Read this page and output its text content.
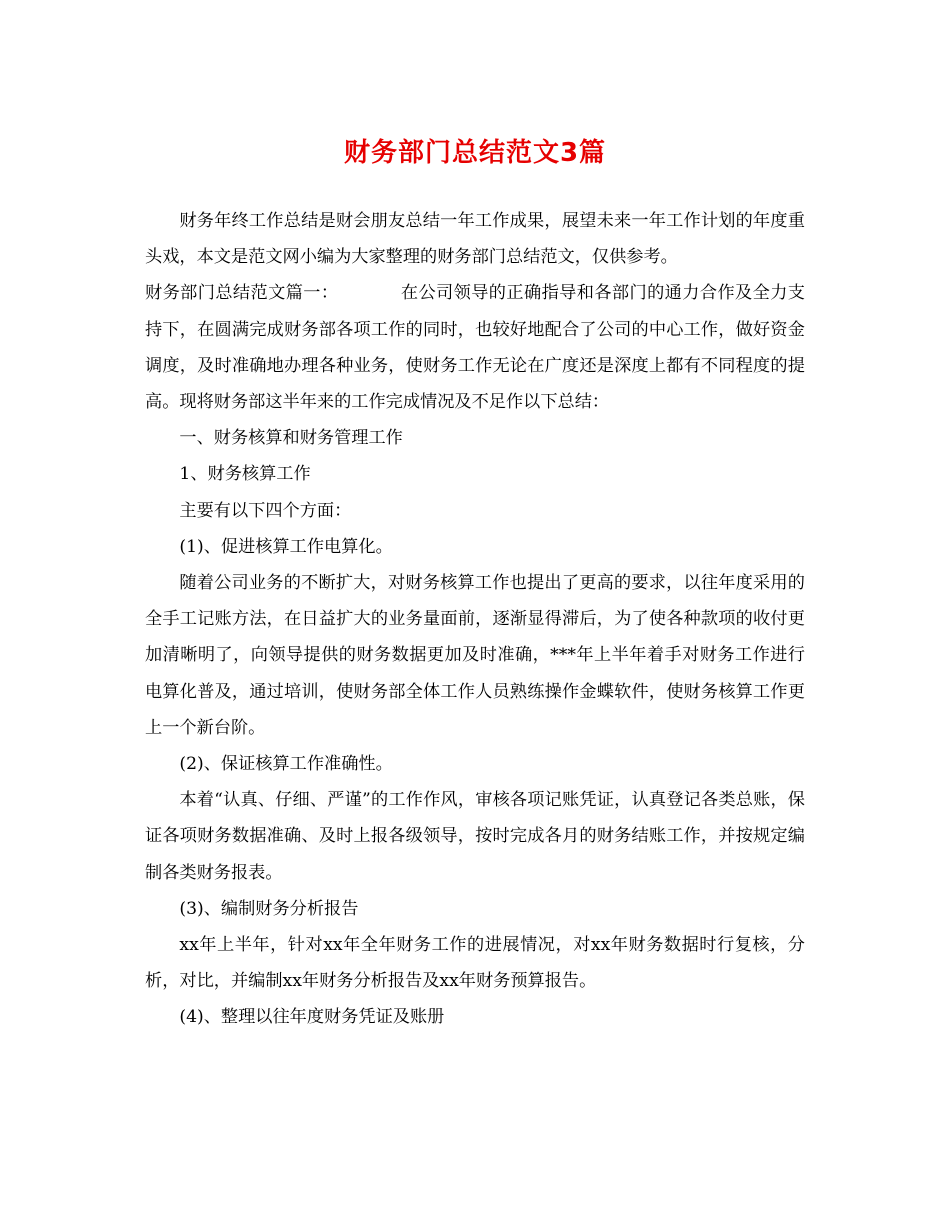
财务部门总结范文3篇

财务年终工作总结是财会朋友总结一年工作成果，展望未来一年工作计划的年度重头戏，本文是范文网小编为大家整理的财务部门总结范文，仅供参考。

财务部门总结范文篇一：	在公司领导的正确指导和各部门的通力合作及全力支持下，在圆满完成财务部各项工作的同时，也较好地配合了公司的中心工作，做好资金调度，及时准确地办理各种业务，使财务工作无论在广度还是深度上都有不同程度的提高。现将财务部这半年来的工作完成情况及不足作以下总结：

一、财务核算和财务管理工作

1、财务核算工作

主要有以下四个方面：

(1)、促进核算工作电算化。

随着公司业务的不断扩大，对财务核算工作也提出了更高的要求，以往年度采用的全手工记账方法，在日益扩大的业务量面前，逐渐显得滞后，为了使各种款项的收付更加清晰明了，向领导提供的财务数据更加及时准确，***年上半年着手对财务工作进行电算化普及，通过培训，使财务部全体工作人员熟练操作金蝶软件，使财务核算工作更上一个新台阶。

(2)、保证核算工作准确性。

本着“认真、仔细、严谨”的工作作风，审核各项记账凭证，认真登记各类总账，保证各项财务数据准确、及时上报各级领导，按时完成各月的财务结账工作，并按规定编制各类财务报表。

(3)、编制财务分析报告

xx年上半年，针对xx年全年财务工作的进展情况，对xx年财务数据时行复核，分析，对比，并编制xx年财务分析报告及xx年财务预算报告。

(4)、整理以往年度财务凭证及账册
